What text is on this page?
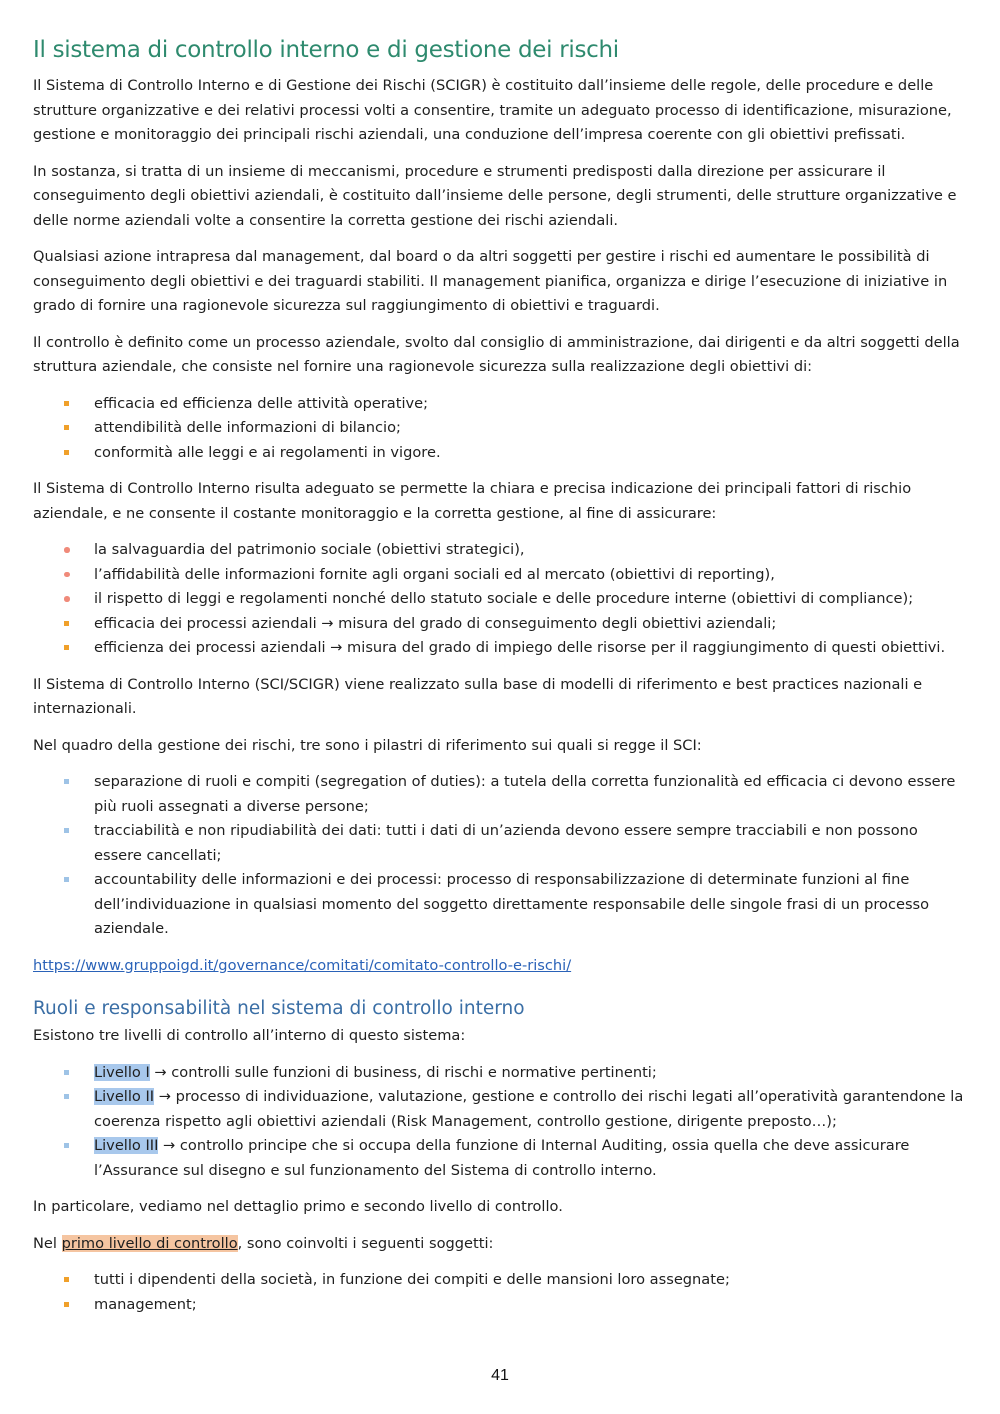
Il sistema di controllo interno e di gestione dei rischi

Il Sistema di Controllo Interno e di Gestione dei Rischi (SCIGR) è costituito dall’insieme delle regole, delle procedure e delle strutture organizzative e dei relativi processi volti a consentire, tramite un adeguato processo di identificazione, misurazione, gestione e monitoraggio dei principali rischi aziendali, una conduzione dell’impresa coerente con gli obiettivi prefissati.

In sostanza, si tratta di un insieme di meccanismi, procedure e strumenti predisposti dalla direzione per assicurare il conseguimento degli obiettivi aziendali, è costituito dall’insieme delle persone, degli strumenti, delle strutture organizzative e delle norme aziendali volte a consentire la corretta gestione dei rischi aziendali.

Qualsiasi azione intrapresa dal management, dal board o da altri soggetti per gestire i rischi ed aumentare le possibilità di conseguimento degli obiettivi e dei traguardi stabiliti. Il management pianifica, organizza e dirige l’esecuzione di iniziative in grado di fornire una ragionevole sicurezza sul raggiungimento di obiettivi e traguardi.

Il controllo è definito come un processo aziendale, svolto dal consiglio di amministrazione, dai dirigenti e da altri soggetti della struttura aziendale, che consiste nel fornire una ragionevole sicurezza sulla realizzazione degli obiettivi di:

efficacia ed efficienza delle attività operative;
attendibilità delle informazioni di bilancio;
conformità alle leggi e ai regolamenti in vigore.

Il Sistema di Controllo Interno risulta adeguato se permette la chiara e precisa indicazione dei principali fattori di rischio aziendale, e ne consente il costante monitoraggio e la corretta gestione, al fine di assicurare:

la salvaguardia del patrimonio sociale (obiettivi strategici),
l’affidabilità delle informazioni fornite agli organi sociali ed al mercato (obiettivi di reporting),
il rispetto di leggi e regolamenti nonché dello statuto sociale e delle procedure interne (obiettivi di compliance);
efficacia dei processi aziendali → misura del grado di conseguimento degli obiettivi aziendali;
efficienza dei processi aziendali → misura del grado di impiego delle risorse per il raggiungimento di questi obiettivi.

Il Sistema di Controllo Interno (SCI/SCIGR) viene realizzato sulla base di modelli di riferimento e best practices nazionali e internazionali.

Nel quadro della gestione dei rischi, tre sono i pilastri di riferimento sui quali si regge il SCI:

separazione di ruoli e compiti (segregation of duties): a tutela della corretta funzionalità ed efficacia ci devono essere più ruoli assegnati a diverse persone;
tracciabilità e non ripudiabilità dei dati: tutti i dati di un’azienda devono essere sempre tracciabili e non possono essere cancellati;
accountability delle informazioni e dei processi: processo di responsabilizzazione di determinate funzioni al fine dell’individuazione in qualsiasi momento del soggetto direttamente responsabile delle singole frasi di un processo aziendale.

https://www.gruppoigd.it/governance/comitati/comitato-controllo-e-rischi/

Ruoli e responsabilità nel sistema di controllo interno

Esistono tre livelli di controllo all’interno di questo sistema:

Livello I → controlli sulle funzioni di business, di rischi e normative pertinenti;
Livello II → processo di individuazione, valutazione, gestione e controllo dei rischi legati all’operatività garantendone la coerenza rispetto agli obiettivi aziendali (Risk Management, controllo gestione, dirigente preposto…);
Livello III → controllo principe che si occupa della funzione di Internal Auditing, ossia quella che deve assicurare l’Assurance sul disegno e sul funzionamento del Sistema di controllo interno.

In particolare, vediamo nel dettaglio primo e secondo livello di controllo.

Nel primo livello di controllo, sono coinvolti i seguenti soggetti:

tutti i dipendenti della società, in funzione dei compiti e delle mansioni loro assegnate;
management;
41
